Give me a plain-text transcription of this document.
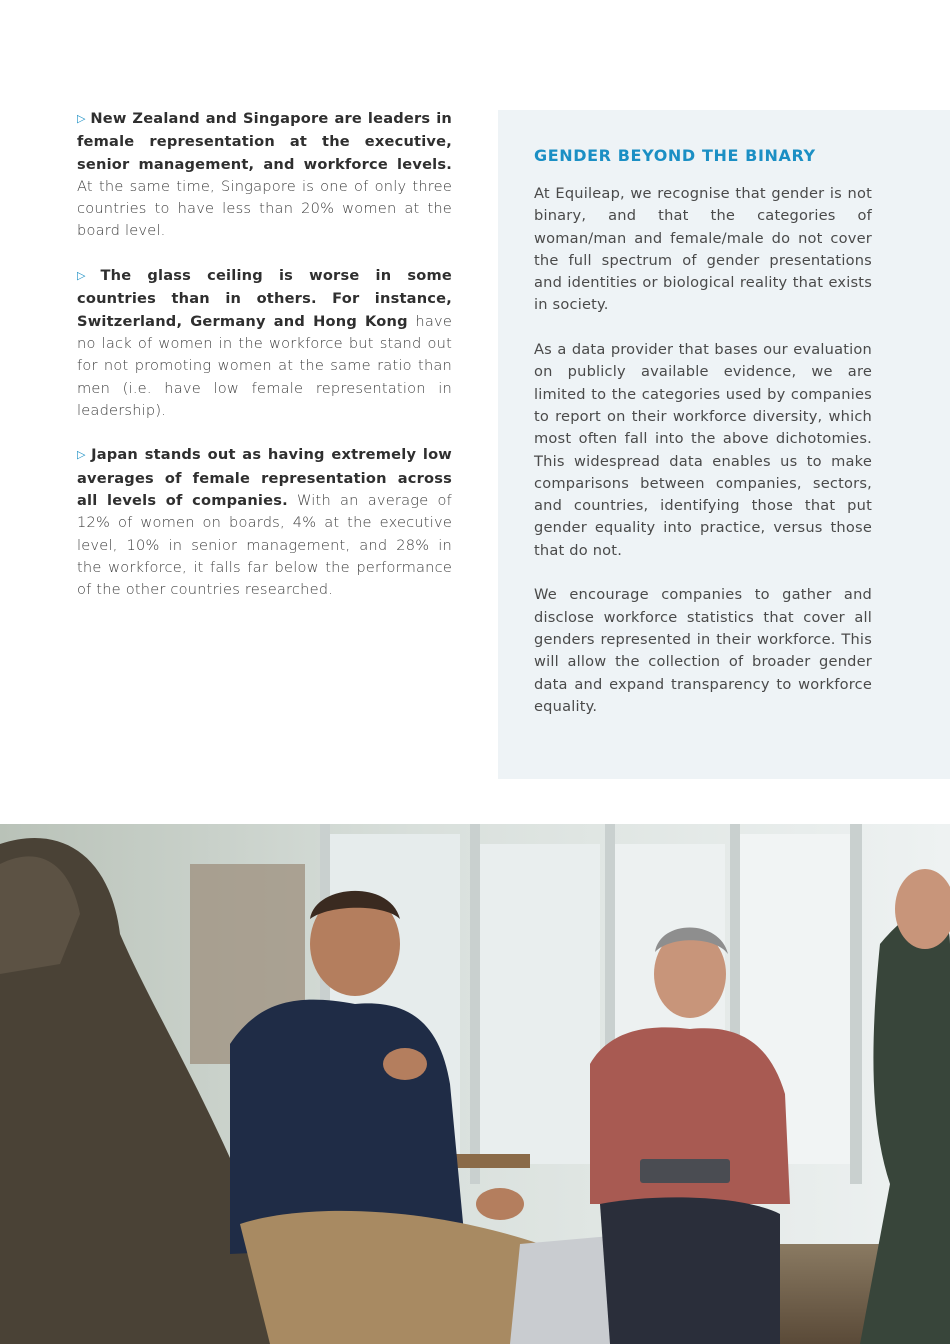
▷ New Zealand and Singapore are leaders in female representation at the executive, senior management, and workforce levels. At the same time, Singapore is one of only three countries to have less than 20% women at the board level.

▷ The glass ceiling is worse in some countries than in others. For instance, Switzerland, Germany and Hong Kong have no lack of women in the workforce but stand out for not promoting women at the same ratio than men (i.e. have low female representation in leadership).

▷ Japan stands out as having extremely low averages of female representation across all levels of companies. With an average of 12% of women on boards, 4% at the executive level, 10% in senior management, and 28% in the workforce, it falls far below the performance of the other countries researched.

GENDER BEYOND THE BINARY

At Equileap, we recognise that gender is not binary, and that the categories of woman/man and female/male do not cover the full spectrum of gender presentations and identities or biological reality that exists in society.

As a data provider that bases our evaluation on publicly available evidence, we are limited to the categories used by companies to report on their workforce diversity, which most often fall into the above dichotomies. This widespread data enables us to make comparisons between companies, sectors, and countries, identifying those that put gender equality into practice, versus those that do not.

We encourage companies to gather and disclose workforce statistics that cover all genders represented in their workforce. This will allow the collection of broader gender data and expand transparency to workforce equality.
